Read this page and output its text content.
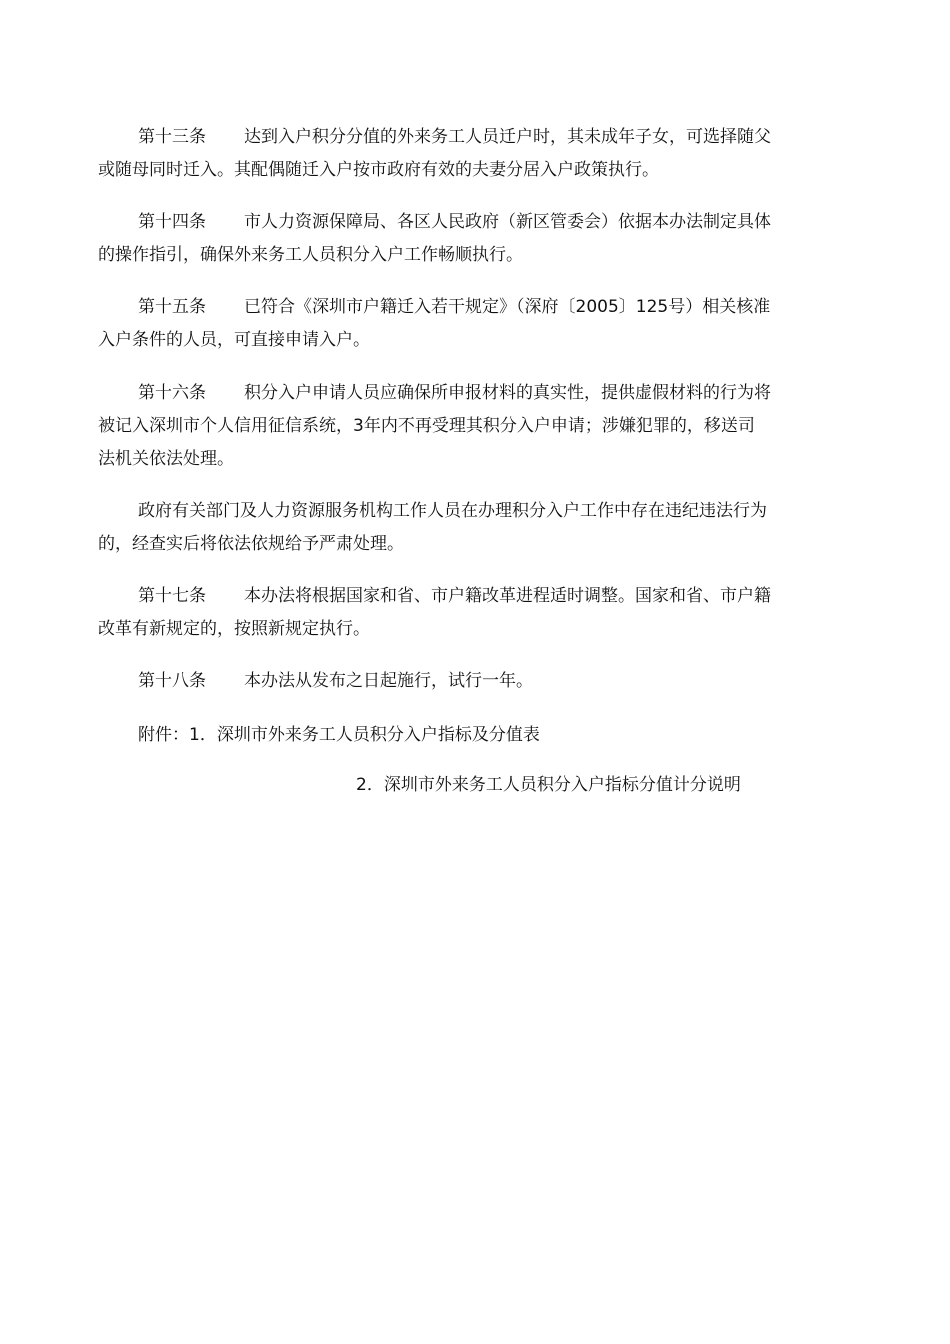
第十三条 达到入户积分分值的外来务工人员迁户时，其未成年子女，可选择随父
或随母同时迁入。其配偶随迁入户按市政府有效的夫妻分居入户政策执行。
第十四条 市人力资源保障局、各区人民政府（新区管委会）依据本办法制定具体
的操作指引，确保外来务工人员积分入户工作畅顺执行。
第十五条 已符合《深圳市户籍迁入若干规定》（深府〔2005〕125号）相关核准
入户条件的人员，可直接申请入户。
第十六条 积分入户申请人员应确保所申报材料的真实性，提供虚假材料的行为将
被记入深圳市个人信用征信系统，3年内不再受理其积分入户申请；涉嫌犯罪的，移送司
法机关依法处理。
政府有关部门及人力资源服务机构工作人员在办理积分入户工作中存在违纪违法行为
的，经查实后将依法依规给予严肃处理。
第十七条 本办法将根据国家和省、市户籍改革进程适时调整。国家和省、市户籍
改革有新规定的，按照新规定执行。
第十八条 本办法从发布之日起施行，试行一年。
附件：1．深圳市外来务工人员积分入户指标及分值表
2．深圳市外来务工人员积分入户指标分值计分说明
